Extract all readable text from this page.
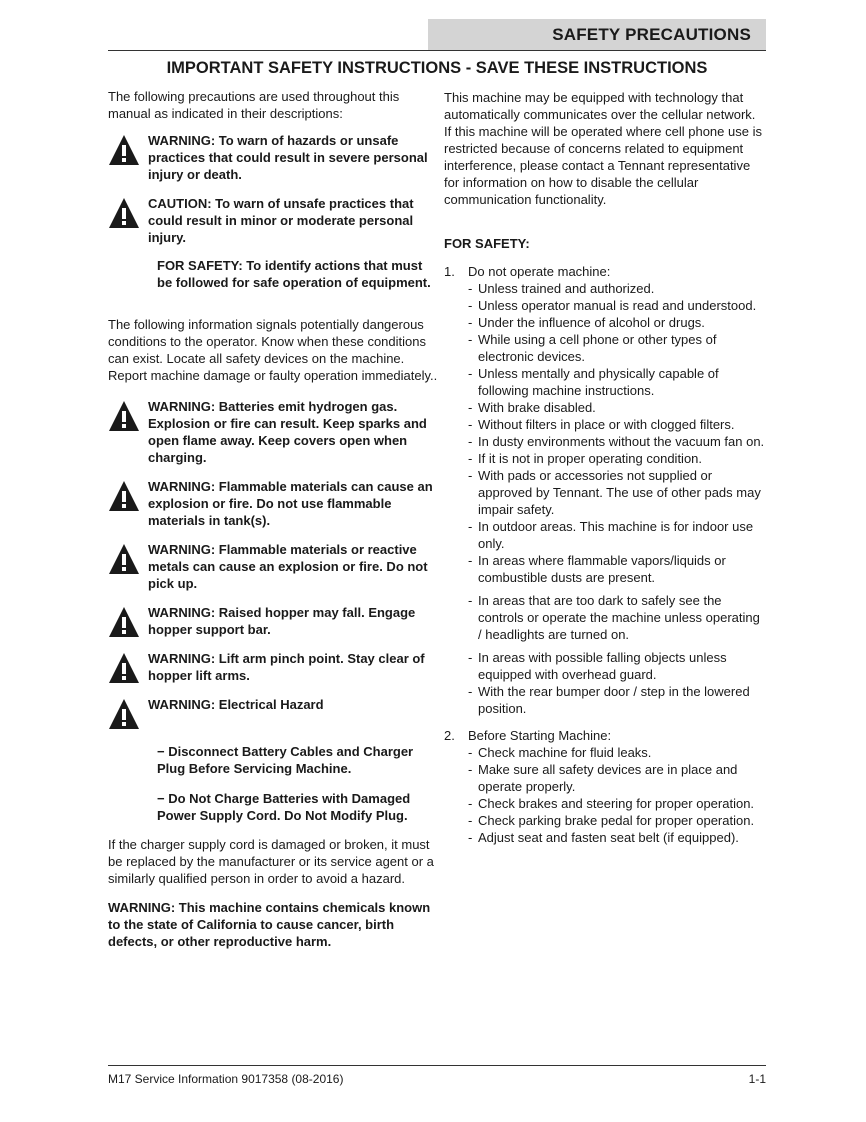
SAFETY PRECAUTIONS
IMPORTANT SAFETY INSTRUCTIONS - SAVE THESE INSTRUCTIONS

The following precautions are used throughout this manual as indicated in their descriptions:

WARNING: To warn of hazards or unsafe practices that could result in severe personal injury or death.
CAUTION: To warn of unsafe practices that could result in minor or moderate personal injury.

FOR SAFETY: To identify actions that must be followed for safe operation of equipment.

The following information signals potentially dangerous conditions to the operator. Know when these conditions can exist. Locate all safety devices on the machine. Report machine damage or faulty operation immediately..

WARNING: Batteries emit hydrogen gas. Explosion or fire can result. Keep sparks and open flame away. Keep covers open when charging.
WARNING: Flammable materials can cause an explosion or fire. Do not use flammable materials in tank(s).
WARNING: Flammable materials or reactive metals can cause an explosion or fire. Do not pick up.
WARNING: Raised hopper may fall. Engage hopper support bar.
WARNING: Lift arm pinch point. Stay clear of hopper lift arms.
WARNING: Electrical Hazard

− Disconnect Battery Cables and Charger Plug Before Servicing Machine.

− Do Not Charge Batteries with Damaged Power Supply Cord. Do Not Modify Plug.

If the charger supply cord is damaged or broken, it must be replaced by the manufacturer or its service agent or a similarly qualified person in order to avoid a hazard.

WARNING: This machine contains chemicals known to the state of California to cause cancer, birth defects, or other reproductive harm.

This machine may be equipped with technology that automatically communicates over the cellular network. If this machine will be operated where cell phone use is restricted because of concerns related to equipment interference, please contact a Tennant representative for information on how to disable the cellular communication functionality.

FOR SAFETY:

1.	Do not operate machine:
- Unless trained and authorized.
- Unless operator manual is read and understood.
- Under the influence of alcohol or drugs.
- While using a cell phone or other types of electronic devices.
- Unless mentally and physically capable of following machine instructions.
- With brake disabled.
- Without filters in place or with clogged filters.
- In dusty environments without the vacuum fan on.
- If it is not in proper operating condition.
- With pads or accessories not supplied or approved by Tennant. The use of other pads may impair safety.
- In outdoor areas. This machine is for indoor use only.
- In areas where flammable vapors/liquids or combustible dusts are present.
- In areas that are too dark to safely see the controls or operate the machine unless operating / headlights are turned on.
- In areas with possible falling objects unless equipped with overhead guard.
- With the rear bumper door / step in the lowered position.
2.	Before Starting Machine:
- Check machine for fluid leaks.
- Make sure all safety devices are in place and operate properly.
- Check brakes and steering for proper operation.
- Check parking brake pedal for proper operation.
- Adjust seat and fasten seat belt (if equipped).
M17 Service Information 9017358 (08-2016)	1-1
